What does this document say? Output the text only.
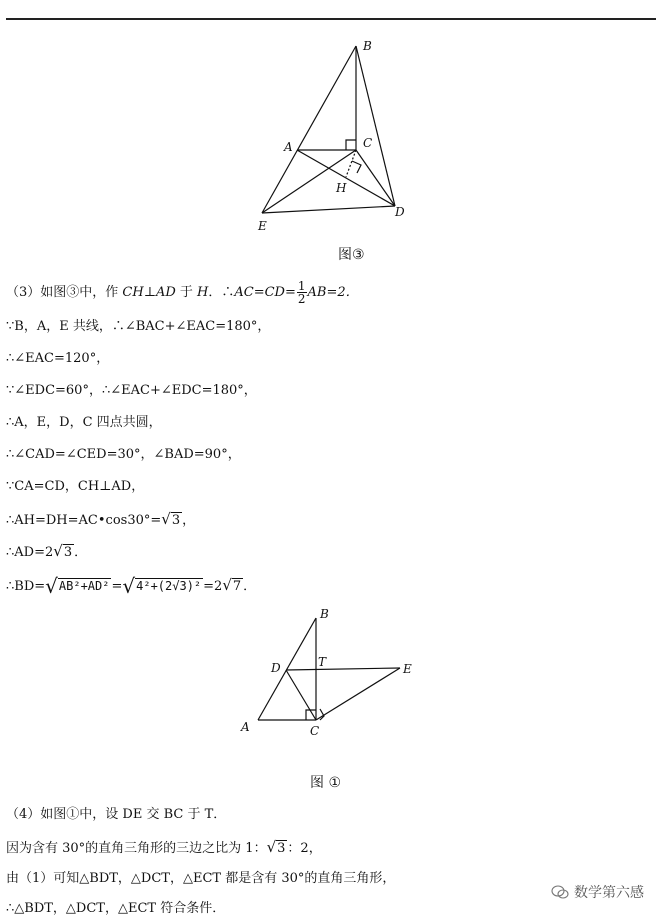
B
A	C
H
E
D
图③
（3）如图③中，作 CH⊥AD 于 H．∴AC=CD= $\frac{1}{2} AB=2$．
∵B，A，E 共线，∴∠BAC+∠EAC=180°，
∴∠EAC=120°，
∵∠EDC=60°，∴∠EAC+∠EDC=180°，
∴A，E，D，C 四点共圆，
∴∠CAD=∠CED=30°，∠BAD=90°，
∵CA=CD，CH⊥AD，
∴AH=DH=AC•cos30°=√3 ，
∴AD=2√3 ．
∴BD=√AB²+AD² =√4²+(2√3)² =2√7 ．
B
D	T	E
A	C
图 ①
（4）如图①中，设 DE 交 BC 于 T．
因为含有 30°的直角三角形的三边之比为 1：√3 ：2，
由（1）可知△BDT，△DCT，△ECT 都是含有 30°的直角三角形，
∴△BDT，△DCT，△ECT 符合条件．
数学第六感
